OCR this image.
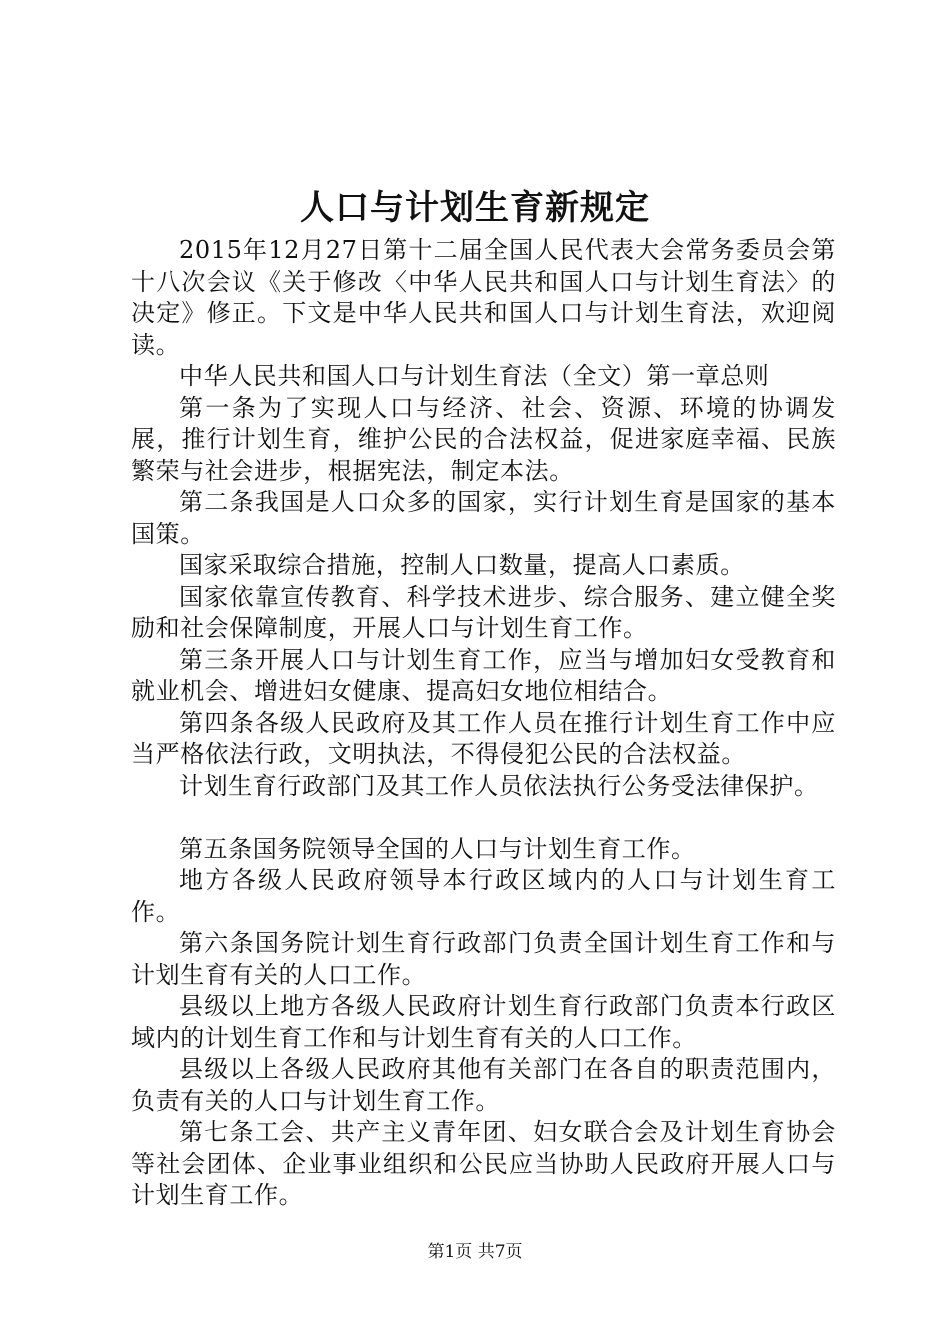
人口与计划生育新规定

2015年12月27日第十二届全国人民代表大会常务委员会第十八次会议《关于修改〈中华人民共和国人口与计划生育法〉的决定》修正。下文是中华人民共和国人口与计划生育法，欢迎阅读。

中华人民共和国人口与计划生育法（全文）第一章总则

第一条为了实现人口与经济、社会、资源、环境的协调发展，推行计划生育，维护公民的合法权益，促进家庭幸福、民族繁荣与社会进步，根据宪法，制定本法。

第二条我国是人口众多的国家，实行计划生育是国家的基本国策。

国家采取综合措施，控制人口数量，提高人口素质。

国家依靠宣传教育、科学技术进步、综合服务、建立健全奖励和社会保障制度，开展人口与计划生育工作。

第三条开展人口与计划生育工作，应当与增加妇女受教育和就业机会、增进妇女健康、提高妇女地位相结合。

第四条各级人民政府及其工作人员在推行计划生育工作中应当严格依法行政，文明执法，不得侵犯公民的合法权益。

计划生育行政部门及其工作人员依法执行公务受法律保护。

第五条国务院领导全国的人口与计划生育工作。

地方各级人民政府领导本行政区域内的人口与计划生育工作。

第六条国务院计划生育行政部门负责全国计划生育工作和与计划生育有关的人口工作。

县级以上地方各级人民政府计划生育行政部门负责本行政区域内的计划生育工作和与计划生育有关的人口工作。

县级以上各级人民政府其他有关部门在各自的职责范围内，负责有关的人口与计划生育工作。

第七条工会、共产主义青年团、妇女联合会及计划生育协会等社会团体、企业事业组织和公民应当协助人民政府开展人口与计划生育工作。

第1页 共7页
